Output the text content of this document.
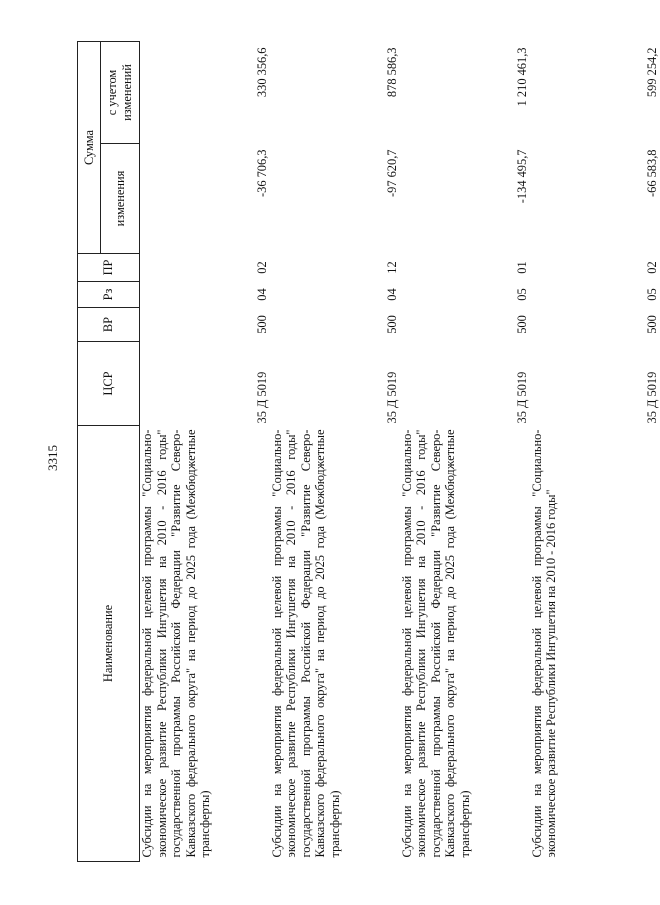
3315
Наименование	ЦСР	ВР	Рз	ПР	Сумма	
					изменения	с учетом изменений
Субсидии на мероприятия федеральной целевой программы "Социально-экономическое развитие Республики Ингушетия на 2010 - 2016 годы" государственной программы Российской Федерации "Развитие Северо-Кавказского федерального округа" на период до 2025 года (Межбюджетные трансферты)	35 Д 5019	500	04	02	-36 706,3	330 356,6
Субсидии на мероприятия федеральной целевой программы "Социально-экономическое развитие Республики Ингушетия на 2010 - 2016 годы" государственной программы Российской Федерации "Развитие Северо-Кавказского федерального округа" на период до 2025 года (Межбюджетные трансферты)	35 Д 5019	500	04	12	-97 620,7	878 586,3
Субсидии на мероприятия федеральной целевой программы "Социально-экономическое развитие Республики Ингушетия на 2010 - 2016 годы" государственной программы Российской Федерации "Развитие Северо-Кавказского федерального округа" на период до 2025 года (Межбюджетные трансферты)	35 Д 5019	500	05	01	-134 495,7	1 210 461,3
Субсидии на мероприятия федеральной целевой программы "Социально-экономическое развитие Республики Ингушетия на 2010 - 2016 годы"	35 Д 5019	500	05	02	-66 583,8	599 254,2
